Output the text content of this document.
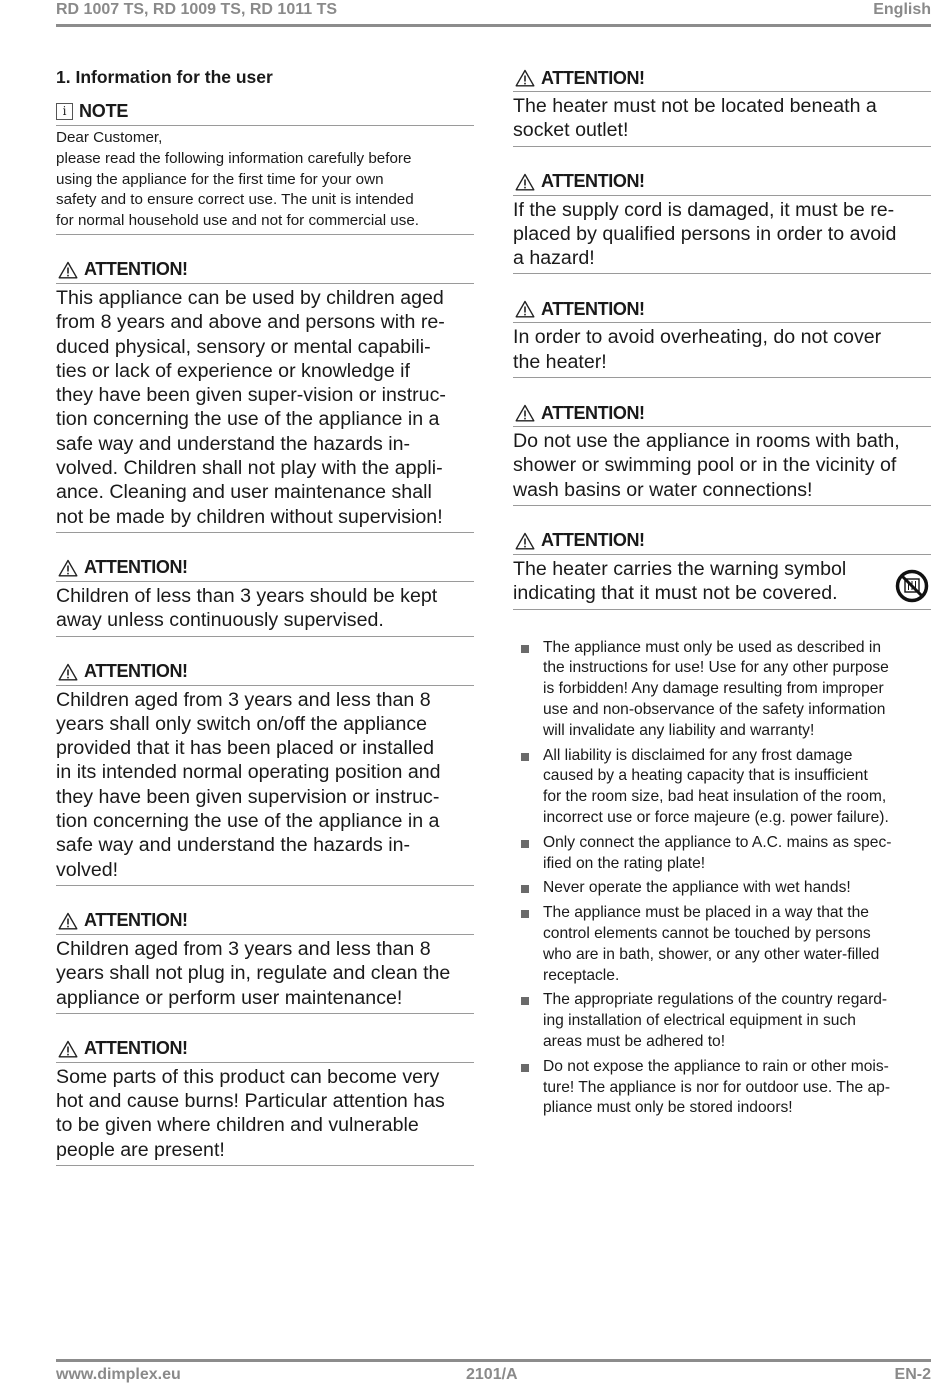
RD 1007 TS, RD 1009 TS, RD 1011 TS	English
1. Information for the user
i NOTE
Dear Customer,
please read the following information carefully before
using the appliance for the first time for your own
safety and to ensure correct use. The unit is intended
for normal household use and not for commercial use.
ATTENTION!
This appliance can be used by children aged
from 8 years and above and persons with re-
duced physical, sensory or mental capabili-
ties or lack of experience or knowledge if
they have been given super-vision or instruc-
tion concerning the use of the appliance in a
safe way and understand the hazards in-
volved. Children shall not play with the appli-
ance. Cleaning and user maintenance shall
not be made by children without supervision!
ATTENTION!
Children of less than 3 years should be kept
away unless continuously supervised.
ATTENTION!
Children aged from 3 years and less than 8
years shall only switch on/off the appliance
provided that it has been placed or installed
in its intended normal operating position and
they have been given supervision or instruc-
tion concerning the use of the appliance in a
safe way and understand the hazards in-
volved!
ATTENTION!
Children aged from 3 years and less than 8
years shall not plug in, regulate and clean the
appliance or perform user maintenance!
ATTENTION!
Some parts of this product can become very
hot and cause burns! Particular attention has
to be given where children and vulnerable
people are present!
ATTENTION!
The heater must not be located beneath a
socket outlet!
ATTENTION!
If the supply cord is damaged, it must be re-
placed by qualified persons in order to avoid
a hazard!
ATTENTION!
In order to avoid overheating, do not cover
the heater!
ATTENTION!
Do not use the appliance in rooms with bath,
shower or swimming pool or in the vicinity of
wash basins or water connections!
ATTENTION!
The heater carries the warning symbol
indicating that it must not be covered.
The appliance must only be used as described in
the instructions for use! Use for any other purpose
is forbidden! Any damage resulting from improper
use and non-observance of the safety information
will invalidate any liability and warranty!
All liability is disclaimed for any frost damage
caused by a heating capacity that is insufficient
for the room size, bad heat insulation of the room,
incorrect use or force majeure (e.g. power failure).
Only connect the appliance to A.C. mains as spec-
ified on the rating plate!
Never operate the appliance with wet hands!
The appliance must be placed in a way that the
control elements cannot be touched by persons
who are in bath, shower, or any other water-filled
receptacle.
The appropriate regulations of the country regard-
ing installation of electrical equipment in such
areas must be adhered to!
Do not expose the appliance to rain or other mois-
ture! The appliance is nor for outdoor use. The ap-
pliance must only be stored indoors!
www.dimplex.eu	2101/A	EN-2
